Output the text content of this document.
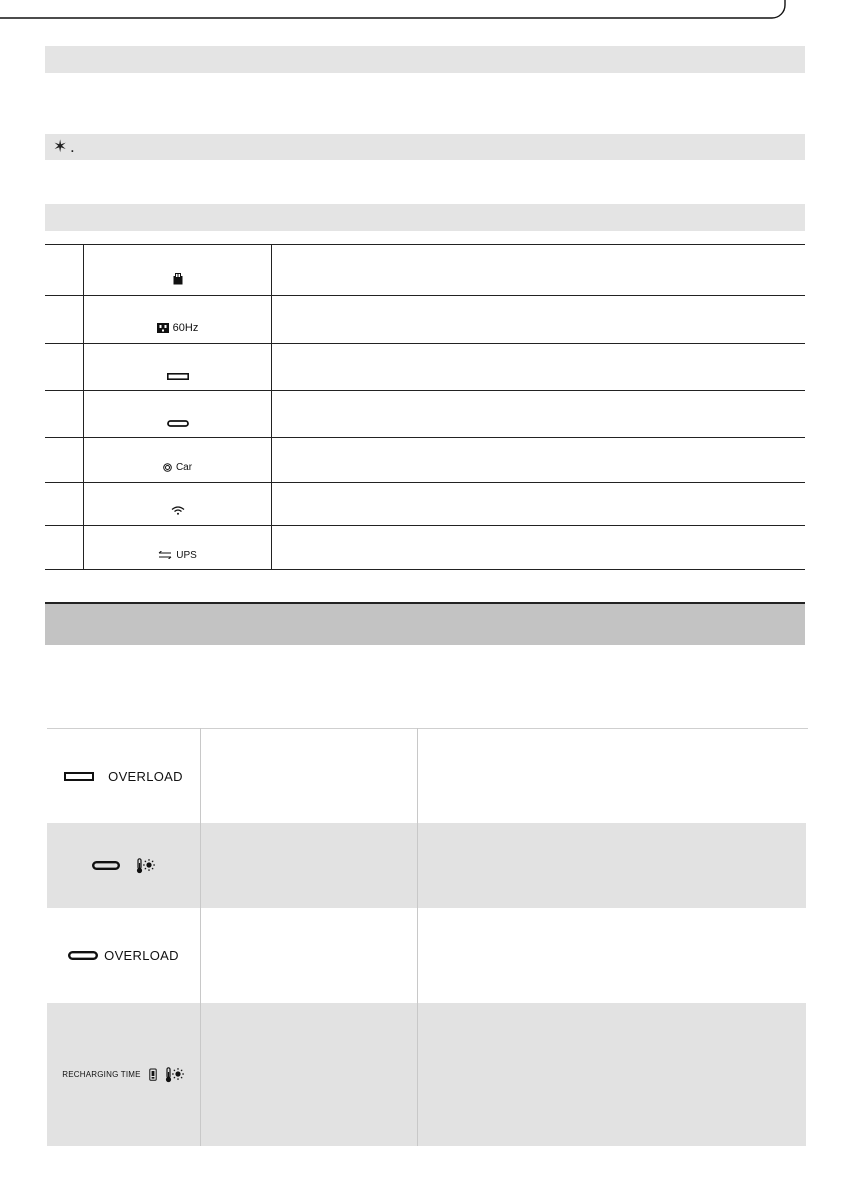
✶ .

	60Hz	

	Car	

	UPS	

OVERLOAD
OVERLOAD
RECHARGING TIME
